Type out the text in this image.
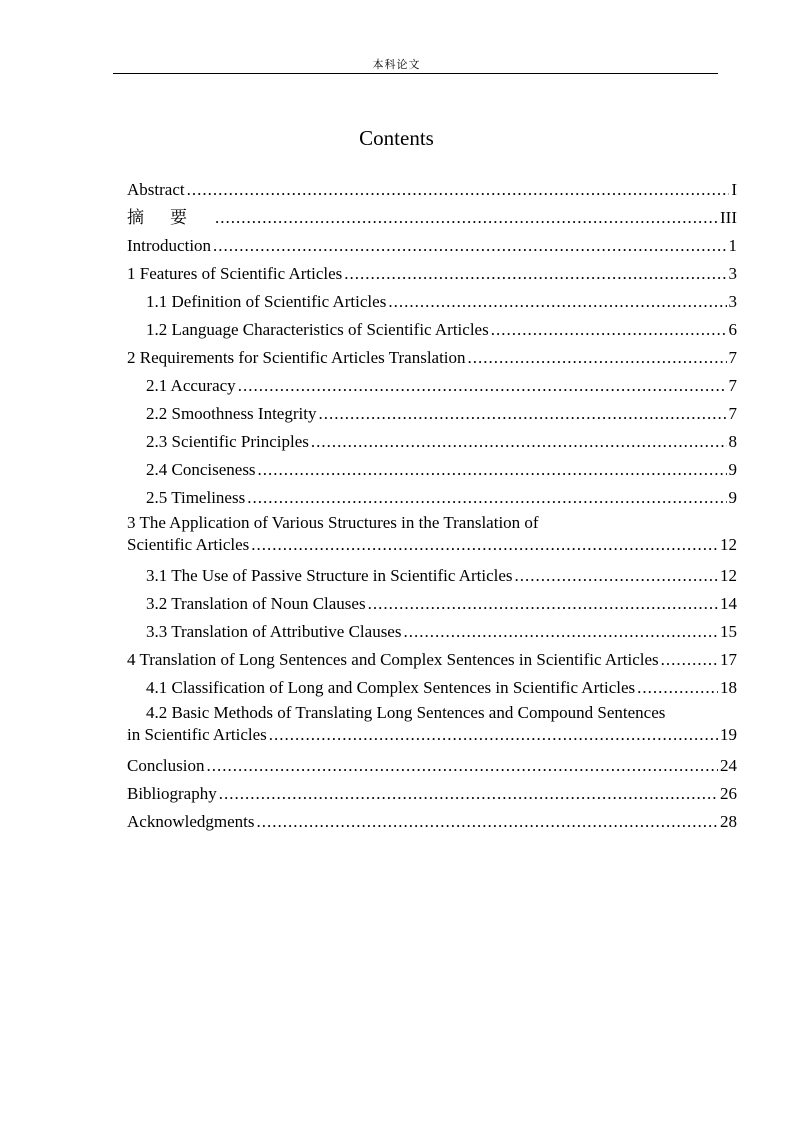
本科论文
Contents
Abstract .....	I
摘要 .....	III
Introduction .....	1
1 Features of Scientific Articles .....	3
1.1 Definition of Scientific Articles .....	3
1.2 Language Characteristics of Scientific Articles .....	6
2 Requirements for Scientific Articles Translation .....	7
2.1 Accuracy .....	7
2.2 Smoothness Integrity .....	7
2.3 Scientific Principles .....	8
2.4 Conciseness .....	9
2.5 Timeliness .....	9
3 The Application of Various Structures in the Translation of
Scientific Articles .....	12
3.1 The Use of Passive Structure in Scientific Articles .....	12
3.2 Translation of Noun Clauses .....	14
3.3 Translation of Attributive Clauses .....	15
4 Translation of Long Sentences and Complex Sentences in Scientific Articles .....	17
4.1 Classification of Long and Complex Sentences in Scientific Articles .....	18
4.2 Basic Methods of Translating Long Sentences and Compound Sentences
in Scientific Articles .....	19
Conclusion .....	24
Bibliography .....	26
Acknowledgments .....	28
